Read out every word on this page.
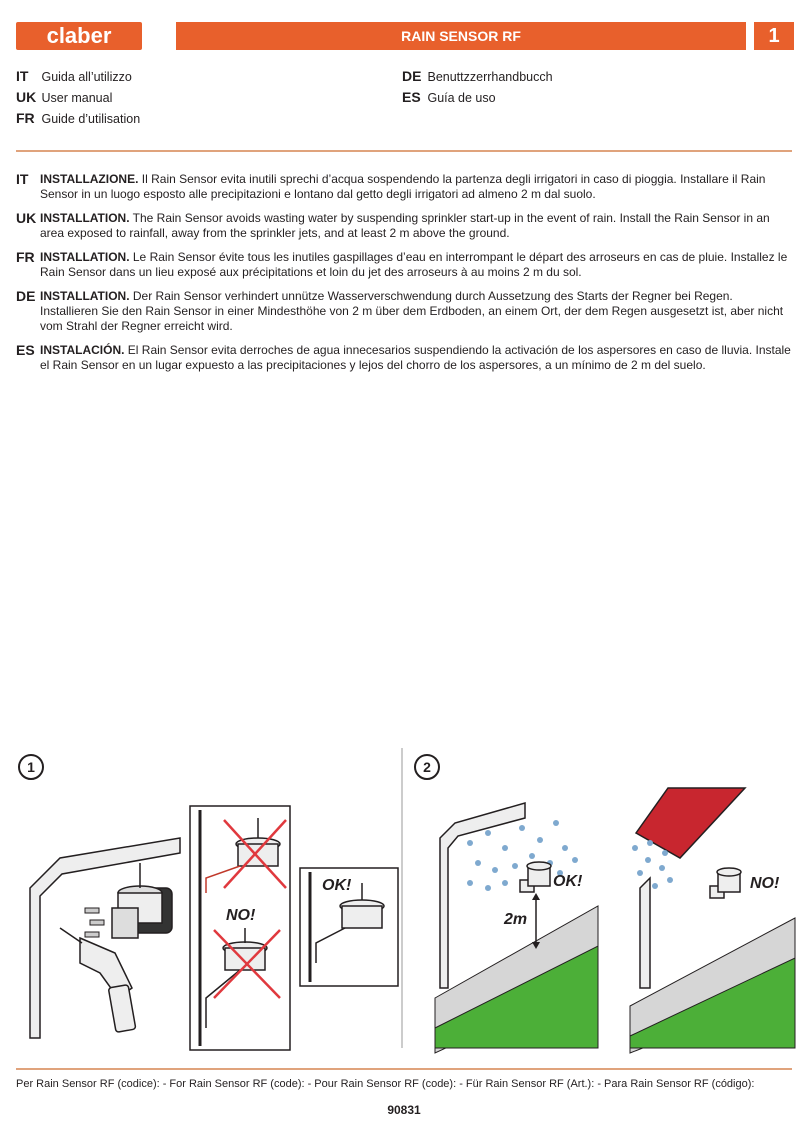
claber	RAIN SENSOR RF	1
IT Guida all’utilizzo
UK User manual
FR Guide d’utilisation
DE Benuttzzerrhandbucch
ES Guía de uso
IT INSTALLAZIONE. Il Rain Sensor evita inutili sprechi d’acqua sospendendo la partenza degli irrigatori in caso di pioggia. Installare il Rain Sensor in un luogo esposto alle precipitazioni e lontano dal getto degli irrigatori ad almeno 2 m dal suolo.
UK INSTALLATION. The Rain Sensor avoids wasting water by suspending sprinkler start-up in the event of rain. Install the Rain Sensor in an area exposed to rainfall, away from the sprinkler jets, and at least 2 m above the ground.
FR INSTALLATION. Le Rain Sensor évite tous les inutiles gaspillages d’eau en interrompant le départ des arroseurs en cas de pluie. Installez le Rain Sensor dans un lieu exposé aux précipitations et loin du jet des arroseurs à au moins 2 m du sol.
DE INSTALLATION. Der Rain Sensor verhindert unnütze Wasserverschwendung durch Aussetzung des Starts der Regner bei Regen. Installieren Sie den Rain Sensor in einer Mindesthöhe von 2 m über dem Erdboden, an einem Ort, der dem Regen ausgesetzt ist, aber nicht vom Strahl der Regner erreicht wird.
ES INSTALACIÓN. El Rain Sensor evita derroches de agua innecesarios suspendiendo la activación de los aspersores en caso de lluvia. Instale el Rain Sensor en un lugar expuesto a las precipitaciones y lejos del chorro de los aspersores, a un mínimo de 2 m del suelo.
1	2
NO!
OK!
2m
OK!	NO!
Per Rain Sensor RF (codice): - For Rain Sensor RF (code): - Pour Rain Sensor RF (code): - Für Rain Sensor RF (Art.): - Para Rain Sensor RF (código):
90831
